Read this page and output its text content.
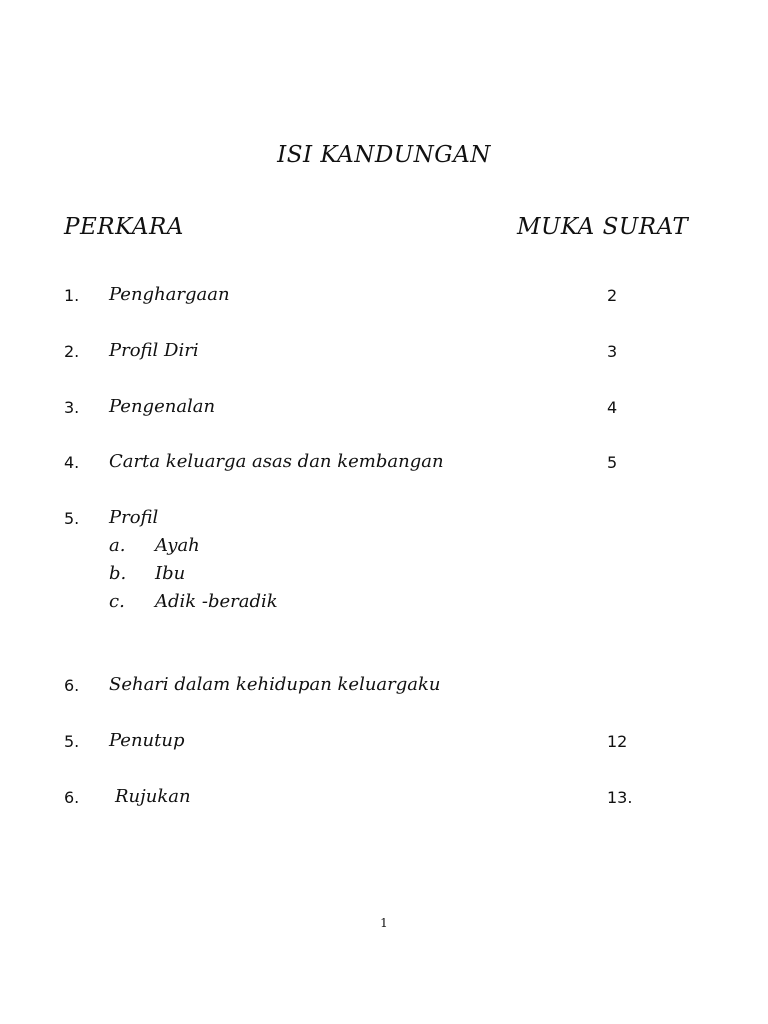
ISI KANDUNGAN
PERKARA	MUKA SURAT
1. Penghargaan	2
2. Profil Diri	3
3. Pengenalan	4
4. Carta keluarga asas dan kembangan	5
5. Profil
a. Ayah
b. Ibu
c. Adik -beradik
6. Sehari dalam kehidupan keluargaku
5. Penutup	12
6. Rujukan	13.
1
